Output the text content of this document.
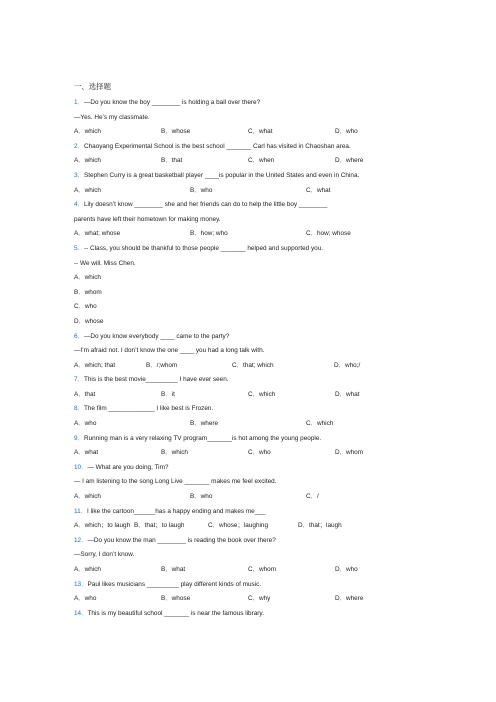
一、选择题
1．—Do you know the boy ________ is holding a ball over there?
—Yes. He’s my classmate.
A．which	B．whose	C．what	D．who
2．Chaoyang Experimental School is the best school _______ Carl has visited in Chaoshan area.
A．which	B．that	C．when	D．where
3．Stephen Curry is a great basketball player ____is popular in the United States and even in China.
A．which	B．who	C．what
4．Lily doesn’t know ________ she and her friends can do to help the little boy ________
parents have left their hometown for making money.
A．what; whose	B．how; who	C．how; whose
5．-- Class, you should be thankful to those people _______ helped and supported you.
-- We will. Miss Chen.
A．which
B．whom
C．who
D．whose
6．—Do you know everybody ____ came to the party?
—I’m afraid not. I don’t know the one ____ you had a long talk with.
A．which; that	B．/;whom	C．that; which	D．who;/
7．This is the best movie_________ I have ever seen.
A．that	B．it	C．which	D．what
8．The film _____________ I like best is Frozen.
A．who	B．where	C．which
9．Running man is a very relaxing TV program_______is hot among the young people.
A．what	B．which	C．who	D．whom
10．— What are you doing, Tim?
— I am listening to the song Long Live _______ makes me feel excited.
A．which	B．who	C．/
11．I like the cartoon______has a happy ending and makes me___
A．which；to laugh B．that；to laugh	C．whose；laughing	D．that；laugh
12．—Do you know the man ________ is reading the book over there?
—Sorry, I don’t know.
A．which	B．what	C．whom	D．who
13．Paul likes musicians _________ play different kinds of music.
A．who	B．whose	C．why	D．where
14．This is my beautiful school _______ is near the famous library.
